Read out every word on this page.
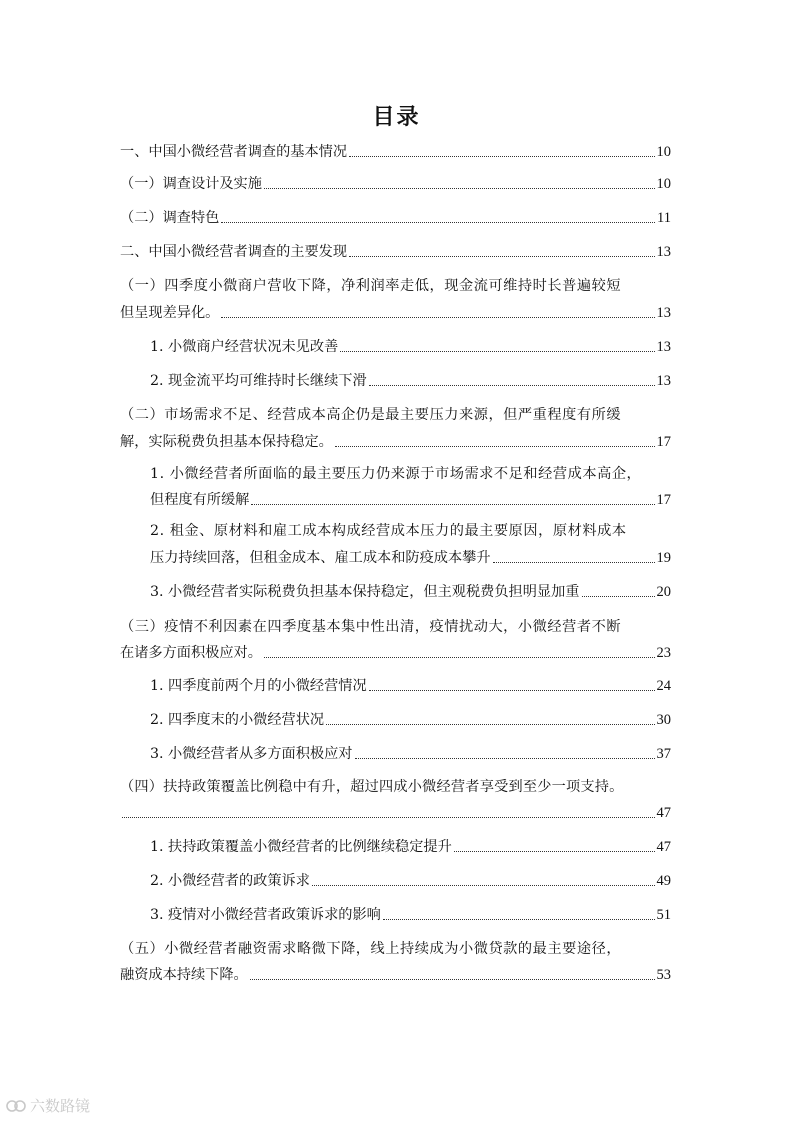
目录
一、中国小微经营者调查的基本情况	10
（一）调查设计及实施	10
（二）调查特色	11
二、中国小微经营者调查的主要发现	13
（一）四季度小微商户营收下降，净利润率走低，现金流可维持时长普遍较短
但呈现差异化。	13
1. 小微商户经营状况未见改善	13
2. 现金流平均可维持时长继续下滑	13
（二）市场需求不足、经营成本高企仍是最主要压力来源，但严重程度有所缓
解，实际税费负担基本保持稳定。	17
1. 小微经营者所面临的最主要压力仍来源于市场需求不足和经营成本高企，
但程度有所缓解	17
2. 租金、原材料和雇工成本构成经营成本压力的最主要原因，原材料成本
压力持续回落，但租金成本、雇工成本和防疫成本攀升	19
3. 小微经营者实际税费负担基本保持稳定，但主观税费负担明显加重	20
（三）疫情不利因素在四季度基本集中性出清，疫情扰动大，小微经营者不断
在诸多方面积极应对。	23
1. 四季度前两个月的小微经营情况	24
2. 四季度末的小微经营状况	30
3. 小微经营者从多方面积极应对	37
（四）扶持政策覆盖比例稳中有升，超过四成小微经营者享受到至少一项支持。
47
1. 扶持政策覆盖小微经营者的比例继续稳定提升	47
2. 小微经营者的政策诉求	49
3. 疫情对小微经营者政策诉求的影响	51
（五）小微经营者融资需求略微下降，线上持续成为小微贷款的最主要途径，
融资成本持续下降。	53
六数路镜
